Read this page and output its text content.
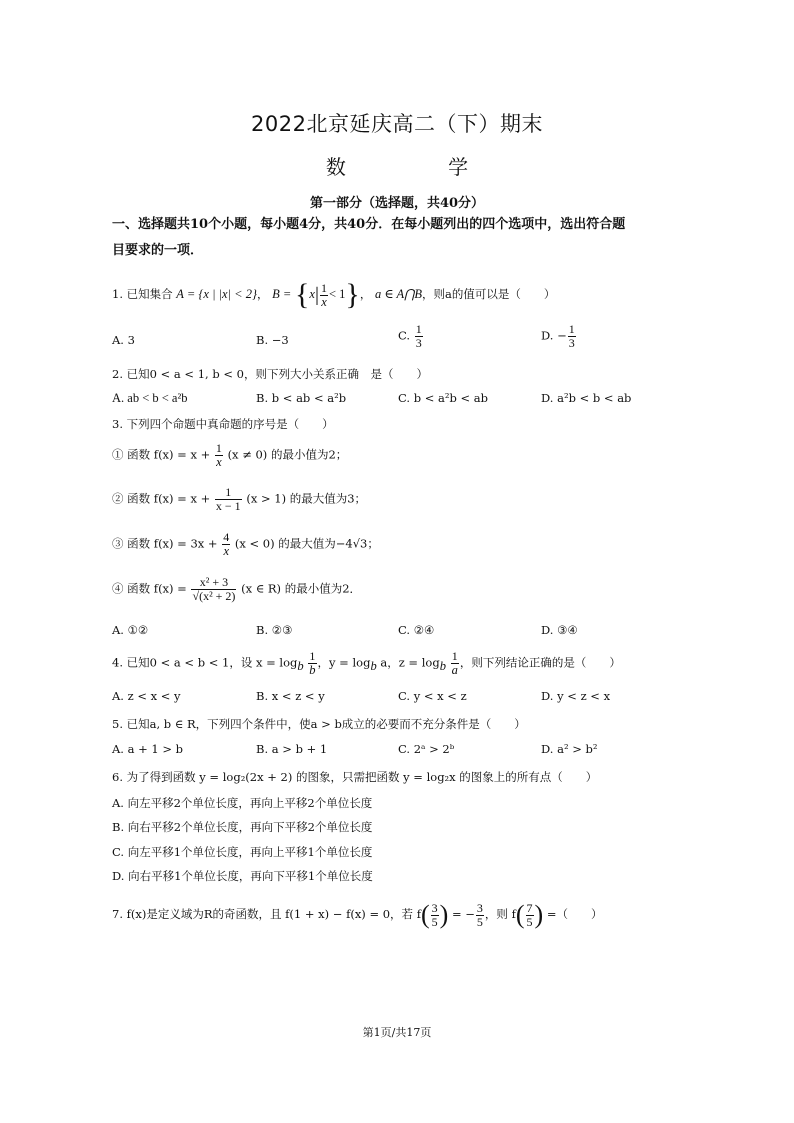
2022北京延庆高二（下）期末
数 学
第一部分（选择题，共40分）
一、选择题共10个小题，每小题4分，共40分．在每小题列出的四个选项中，选出符合题
目要求的一项．
1. 已知集合 A = {x | |x| < 2}， $B = \{x| \frac{1}{x} < 1\}$， a ∈ A⋂B，则a的值可以是（　　）
A. 3	B. −3	C. $\frac{1}{3}$	D. − $\frac{1}{3}$
2. 已知0 < a < 1, b < 0，则下列大小关系正确　是（　　）
A. ab < b < a²b	B. b < ab < a²b	C. b < a²b < ab	D. a²b < b < ab
3. 下列四个命题中真命题的序号是（　　）
① 函数 $f(x) = x + \frac{1}{x} (x \ne 0)$ 的最小值为2；
② 函数 $f(x) = x + \frac{1}{x - 1} (x > 1)$ 的最大值为3；
③ 函数 $f(x) = 3x + \frac{4}{x} (x < 0)$ 的最大值为−4√3；
④ 函数 $f(x) = \frac{\text{x² + 3}}{\text{√(x² + 2)}} (x$ ∈ R) 的最小值为2．
A. ①②	B. ②③	C. ②④	D. ③④
4. 已知0 < a < b < 1，设 $x = \log_b \frac{1}{b}$ ，$y = \log_b a$，$z = \log_b \frac{1}{a}$ ，则下列结论正确的是（　　）
A. z < x < y	B. x < z < y	C. y < x < z	D. y < z < x
5. 已知a, b ∈ R，下列四个条件中，使a > b成立的必要而不充分条件是（　　）
A. a + 1 > b	B. a > b + 1	C. 2ᵃ > 2ᵇ	D. a² > b²
6. 为了得到函数 y = log₂(2x + 2) 的图象，只需把函数 y = log₂x 的图象上的所有点（　　）
A. 向左平移2个单位长度，再向上平移2个单位长度
B. 向右平移2个单位长度，再向下平移2个单位长度
C. 向左平移1个单位长度，再向上平移1个单位长度
D. 向右平移1个单位长度，再向下平移1个单位长度
7. f(x)是定义域为R的奇函数，且 f(1 + x) − f(x) = 0，若 $f( \frac{3}{5}$ ) = − $\frac{3}{5}$ ，则 $f( \frac{7}{5}$ ) =（　　）
第1页/共17页
